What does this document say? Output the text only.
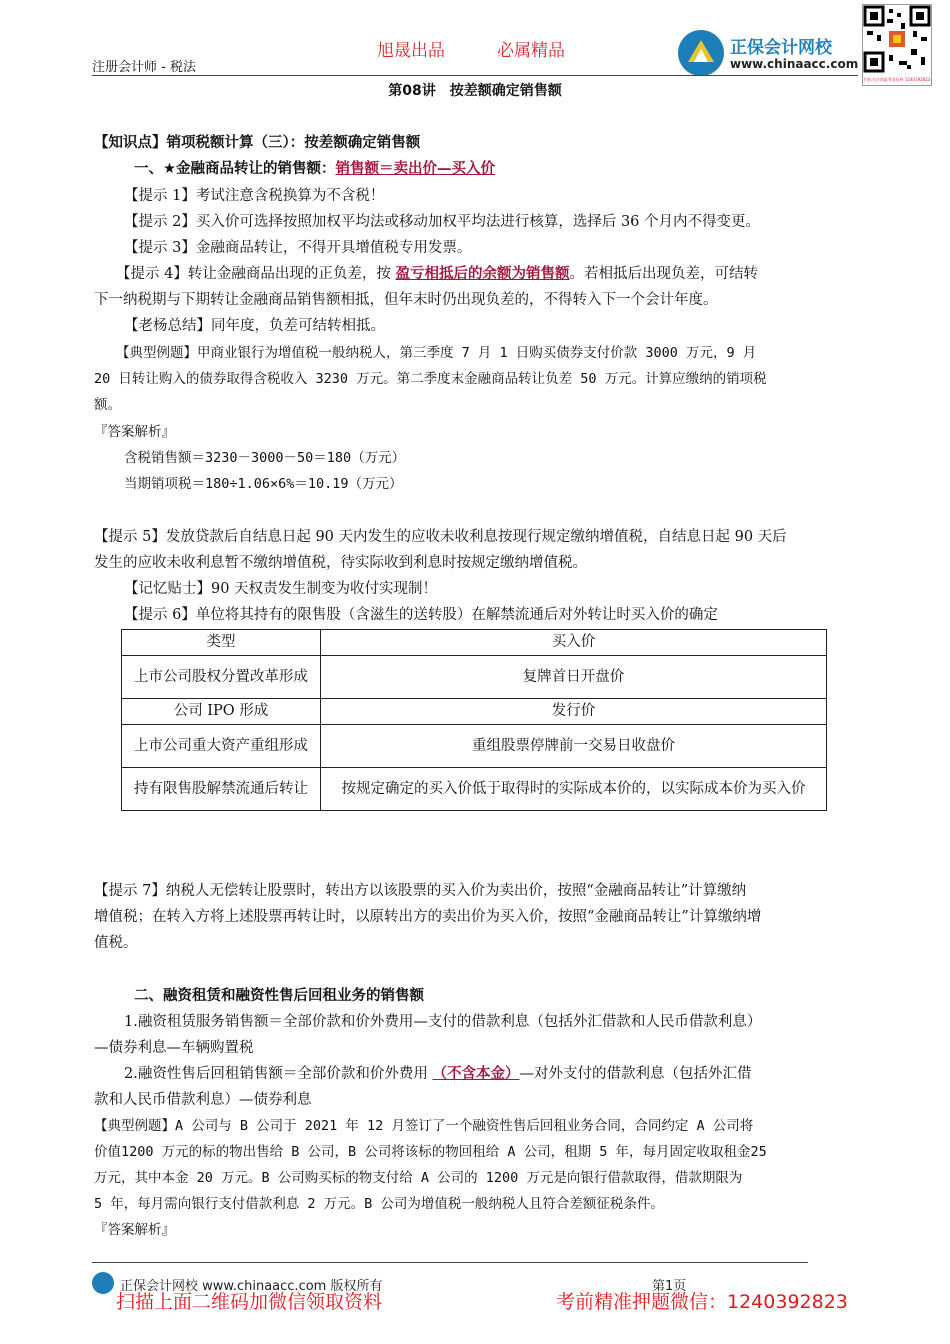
旭晟出品	必属精品
注册会计师 - 税法
正保会计网校
www.chinaacc.com
扫码关注领取考前资料 1240392823
第08讲　按差额确定销售额
【知识点】销项税额计算（三）：按差额确定销售额
一、★金融商品转让的销售额：销售额＝卖出价—买入价
【提示 1】考试注意含税换算为不含税！
【提示 2】买入价可选择按照加权平均法或移动加权平均法进行核算，选择后 36 个月内不得变更。
【提示 3】金融商品转让，不得开具增值税专用发票。
【提示 4】转让金融商品出现的正负差，按 盈亏相抵后的余额为销售额。若相抵后出现负差，可结转
下一纳税期与下期转让金融商品销售额相抵，但年末时仍出现负差的，不得转入下一个会计年度。
【老杨总结】同年度，负差可结转相抵。
【典型例题】甲商业银行为增值税一般纳税人，第三季度 7 月 1 日购买债券支付价款 3000 万元，9 月
20 日转让购入的债券取得含税收入 3230 万元。第二季度末金融商品转让负差 50 万元。计算应缴纳的销项税
额。
『答案解析』
含税销售额＝3230－3000－50＝180（万元）
当期销项税＝180÷1.06×6%＝10.19（万元）
【提示 5】发放贷款后自结息日起 90 天内发生的应收未收利息按现行规定缴纳增值税，自结息日起 90 天后
发生的应收未收利息暂不缴纳增值税，待实际收到利息时按规定缴纳增值税。
【记忆贴士】90 天权责发生制变为收付实现制！
【提示 6】单位将其持有的限售股（含滋生的送转股）在解禁流通后对外转让时买入价的确定
类型	买入价
上市公司股权分置改革形成	复牌首日开盘价
公司 IPO 形成	发行价
上市公司重大资产重组形成	重组股票停牌前一交易日收盘价
持有限售股解禁流通后转让	按规定确定的买入价低于取得时的实际成本价的，以实际成本价为买入价
【提示 7】纳税人无偿转让股票时，转出方以该股票的买入价为卖出价，按照“金融商品转让”计算缴纳
增值税；在转入方将上述股票再转让时，以原转出方的卖出价为买入价，按照“金融商品转让”计算缴纳增
值税。
二、融资租赁和融资性售后回租业务的销售额
1.融资租赁服务销售额＝全部价款和价外费用—支付的借款利息（包括外汇借款和人民币借款利息）
—债券利息—车辆购置税
2.融资性售后回租销售额＝全部价款和价外费用 （不含本金）—对外支付的借款利息（包括外汇借
款和人民币借款利息）—债券利息
【典型例题】A 公司与 B 公司于 2021 年 12 月签订了一个融资性售后回租业务合同，合同约定 A 公司将
价值1200 万元的标的物出售给 B 公司，B 公司将该标的物回租给 A 公司，租期 5 年，每月固定收取租金25
万元，其中本金 20 万元。B 公司购买标的物支付给 A 公司的 1200 万元是向银行借款取得，借款期限为
5 年，每月需向银行支付借款利息 2 万元。B 公司为增值税一般纳税人且符合差额征税条件。
『答案解析』
正保会计网校 www.chinaacc.com 版权所有	第1页
扫描上面二维码加微信领取资料	考前精准押题微信：1240392823
